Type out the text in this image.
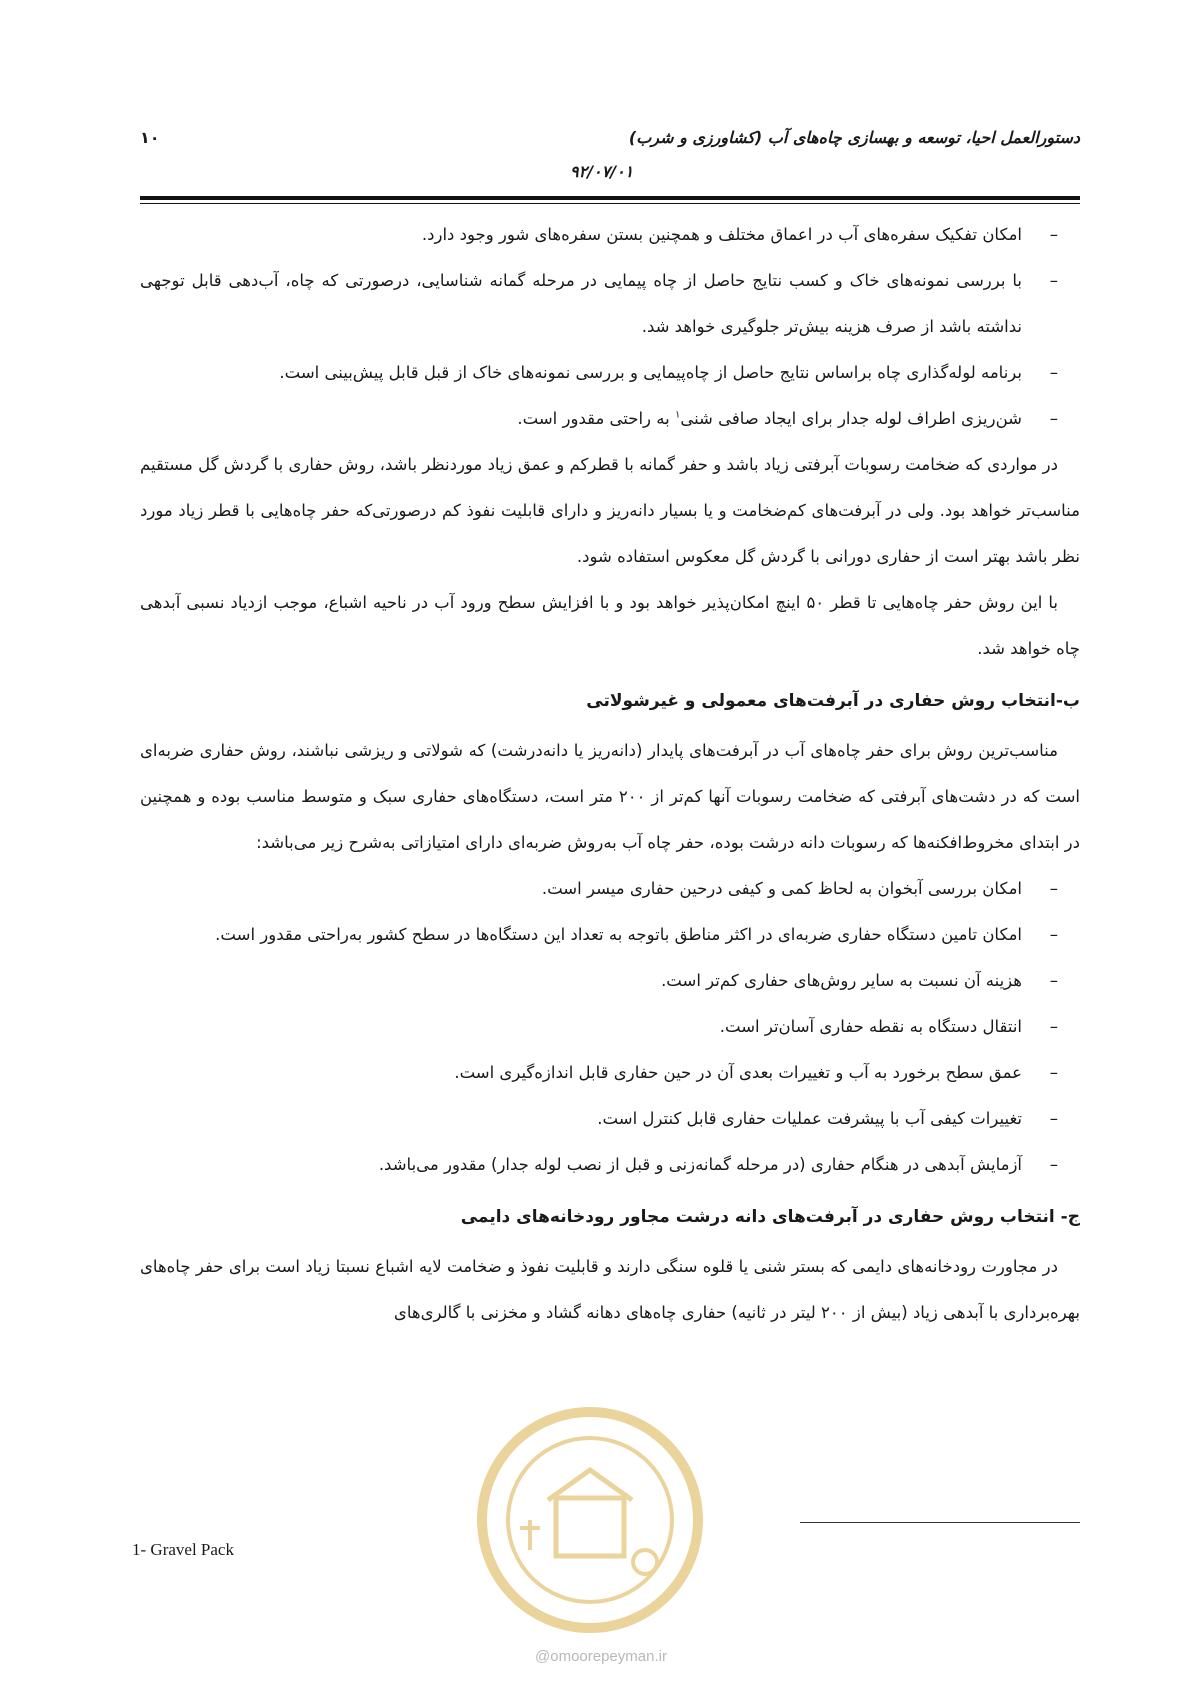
۱۰	دستورالعمل احیا، توسعه و بهسازی چاه‌های آب (کشاورزی و شرب)
۹۲/۰۷/۰۱
–
امکان تفکیک سفره‌های آب در اعماق مختلف و همچنین بستن سفره‌های شور وجود دارد.
–
با بررسی نمونه‌های خاک و کسب نتایج حاصل از چاه پیمایی در مرحله گمانه شناسایی، درصورتی که چاه، آب‌دهی قابل توجهی نداشته باشد از صرف هزینه بیش‌تر جلوگیری خواهد شد.
–
برنامه لوله‌گذاری چاه براساس نتایج حاصل از چاه‌پیمایی و بررسی نمونه‌های خاک از قبل قابل پیش‌بینی است.
–
شن‌ریزی اطراف لوله جدار برای ایجاد صافی شنی$^۱$ به راحتی مقدور است.

در مواردی که ضخامت رسوبات آبرفتی زیاد باشد و حفر گمانه با قطرکم و عمق زیاد مورد‌نظر باشد، روش حفاری با گردش گل مستقیم مناسب‌تر خواهد بود. ولی در آبرفت‌های کم‌ضخامت و یا بسیار دانه‌ریز و دارای قابلیت نفوذ کم درصورتی‌که حفر چاه‌هایی با قطر زیاد مورد نظر باشد بهتر است از حفاری دورانی با گردش گل معکوس استفاده شود.

با این روش حفر چاه‌هایی تا قطر ۵۰ اینچ امکان‌پذیر خواهد بود و با افزایش سطح ورود آب در ناحیه اشباع، موجب ازدیاد نسبی آبدهی چاه خواهد شد.

ب-انتخاب روش حفاری در آبرفت‌های معمولی و غیرشولاتی

مناسب‌ترین روش برای حفر چاه‌های آب در آبرفت‌های پایدار (دانه‌ریز یا دانه‌درشت) که شولاتی و ریزشی نباشند، روش حفاری ضربه‌ای است که در دشت‌های آبرفتی که ضخامت رسوبات آنها کم‌تر از ۲۰۰ متر است، دستگاه‌های حفاری سبک و متوسط مناسب بوده و همچنین در ابتدای مخروط‌افکنه‌ها که رسوبات دانه درشت بوده، حفر چاه آب به‌روش ضربه‌ای دارای امتیازاتی به‌شرح زیر می‌باشد:

–
امکان بررسی آبخوان به لحاظ کمی و کیفی درحین حفاری میسر است.
–
امکان تامین دستگاه حفاری ضربه‌ای در اکثر مناطق باتوجه به تعداد این دستگاه‌ها در سطح کشور به‌راحتی مقدور است.
–
هزینه آن نسبت به سایر روش‌های حفاری کم‌تر است.
–
انتقال دستگاه به نقطه حفاری آسان‌تر است.
–
عمق سطح برخورد به آب و تغییرات بعدی آن در حین حفاری قابل اندازه‌گیری است.
–
تغییرات کیفی آب با پیشرفت عملیات حفاری قابل کنترل است.
–
آزمایش آبدهی در هنگام حفاری (در مرحله گمانه‌زنی و قبل از نصب لوله جدار) مقدور می‌باشد.

ج- انتخاب روش حفاری در آبرفت‌های دانه درشت مجاور رودخانه‌های دایمی

در مجاورت رودخانه‌های دایمی که بستر شنی یا قلوه سنگی دارند و قابلیت نفوذ و ضخامت لایه اشباع نسبتا زیاد است برای حفر چاه‌های بهره‌برداری با آبدهی زیاد (بیش از ۲۰۰ لیتر در ثانیه) حفاری چاه‌های دهانه گشاد و مخزنی با گالری‌های

@omoorepeyman.ir
1- Gravel Pack
